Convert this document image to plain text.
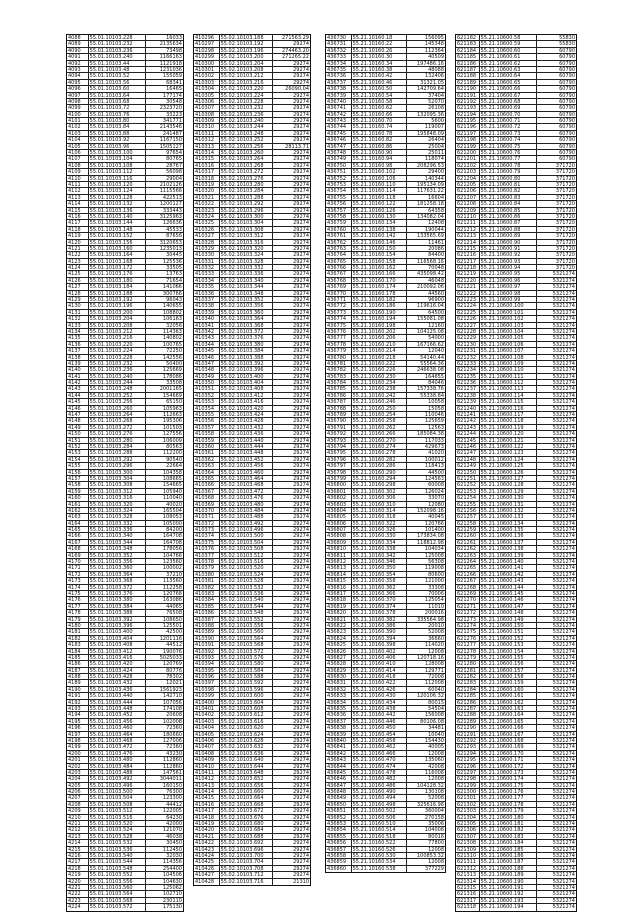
4088	55.01.10103.228	16033
4089	55.01.10103.232	2135634
4090	55.01.10103.236	73498
4091	55.01.10103.240	1166163
4092	55.01.10103.44	1121918
4093	55.01.10103.48	1231036
4094	55.01.10103.52	155059
4095	55.01.10103.56	68341
4096	55.01.10103.60	16465
4097	55.01.10103.64	177174
4098	55.01.10103.68	30548
4099	55.01.10103.72	2323720
4100	55.01.10103.76	33223
4101	55.01.10103.80	341771
4102	55.01.10103.84	2143546
4103	55.01.10103.88	241487
4104	55.01.10103.92	1167150
4105	55.01.10103.96	1505127
4106	55.01.10103.100	97654
4107	55.01.10103.104	80765
4108	55.01.10103.108	28767
4109	55.01.10103.112	56098
4110	55.01.10103.116	29004
4111	55.01.10103.120	2102126
4112	55.01.10103.124	1115566
4113	55.01.10103.128	422513
4114	55.01.10103.132	1200127
4115	55.01.10103.136	333443
4116	55.01.10103.140	3125963
4117	55.01.10103.144	126636
4118	55.01.10103.148	45533
4119	55.01.10103.152	87656
4120	55.01.10103.156	3120653
4121	55.01.10103.160	1235013
4122	55.01.10103.164	30445
4123	55.01.10103.168	125536
4124	55.01.10103.172	33505
4125	55.01.10103.176	13763
4126	55.01.10103.180	71654
4127	55.01.10103.184	141066
4128	55.01.10103.188	300766
4129	55.01.10103.192	96043
4130	55.01.10103.196	140655
4131	55.01.10103.200	108802
4132	55.01.10103.204	106163
4133	55.01.10103.208	32056
4134	55.01.10103.212	114363
4135	55.01.10103.216	140802
4136	55.01.10103.220	100765
4137	55.01.10103.224	72250
4138	55.01.10103.228	142556
4139	55.01.10103.232	50400
4140	55.01.10103.236	125669
4141	55.01.10103.240	178086
4142	55.01.10103.244	33508
4143	55.01.10103.248	2001165
4144	55.01.10103.252	154669
4145	55.01.10103.256	65150
4146	55.01.10103.260	105963
4147	55.01.10103.264	112663
4148	55.01.10103.268	195306
4149	55.01.10103.272	101503
4150	55.01.10103.276	127556
4151	55.01.10103.280	106009
4152	55.01.10103.284	80563
4153	55.01.10103.288	112200
4154	55.01.10103.292	90540
4155	55.01.10103.296	22664
4156	55.01.10103.300	104358
4157	55.01.10103.304	108665
4158	55.01.10103.308	154665
4159	55.01.10103.312	105940
4160	55.01.10103.316	110040
4161	55.01.10103.320	40020
4162	55.01.10103.324	165504
4163	55.01.10103.328	108053
4164	55.01.10103.332	105000
4165	55.01.10103.336	84200
4166	55.01.10103.340	164708
4167	55.01.10103.344	164708
4168	55.01.10103.348	178056
4169	55.01.10103.352	104766
4170	55.01.10103.356	123560
4171	55.01.10103.360	100002
4172	55.01.10103.364	37210
4173	55.01.10103.368	113560
4174	55.01.10103.372	112258
4175	55.01.10103.376	120768
4176	55.01.10103.380	163086
4177	55.01.10103.384	44065
4178	55.01.10103.388	76508
4179	55.01.10103.392	108650
4180	55.01.10103.396	125501
4181	55.01.10103.400	42500
4182	55.01.10103.404	1201116
4183	55.01.10103.408	44512
4184	55.01.10103.412	190076
4185	55.01.10103.416	5025033
4186	55.01.10103.420	120769
4187	55.01.10103.424	80776
4188	55.01.10103.428	78302
4189	55.01.10103.432	12021
4190	55.01.10103.436	1561923
4191	55.01.10103.440	142710
4192	55.01.10103.444	107056
4193	55.01.10103.448	174108
4194	55.01.10103.452	20608
4195	55.01.10103.456	102008
4196	55.01.10103.460	72360
4197	55.01.10103.464	180660
4198	55.01.10103.468	127006
4199	55.01.10103.472	72360
4200	55.01.10103.476	43230
4201	55.01.10103.480	112860
4202	55.01.10103.484	112860
4203	55.01.10103.488	147561
4204	55.01.10103.492	3044011
4205	55.01.10103.496	160150
4206	55.01.10103.500	76300
4207	55.01.10103.504	123300
4208	55.01.10103.508	44412
4209	55.01.10103.512	122005
4210	55.01.10103.516	64230
4211	55.01.10103.520	42000
4212	55.01.10103.524	121070
4213	55.01.10103.528	46038
4214	55.01.10103.532	30450
4215	55.01.10103.536	112450
4216	55.01.10103.540	32030
4217	55.01.10103.544	114356
4218	55.01.10103.548	254400
4219	55.01.10103.552	104506
4220	55.01.10103.556	104630
4221	55.01.10103.560	125062
4222	55.01.10103.564	102710
4223	55.01.10103.568	230110
4224	55.01.10103.572	175130
410296	55.02.10103.188	271563.29
410297	55.02.10103.192	29274
410298	55.02.10103.196	274463.20
410299	55.02.10103.200	271265.22
410300	55.02.10103.204	29274
410301	55.02.10103.208	29274
410302	55.02.10103.212	29274
410303	55.02.10103.216	29274
410304	55.02.10103.220	26090.04
410305	55.02.10103.224	29274
410306	55.02.10103.228	29274
410307	55.02.10103.232	29274
410308	55.02.10103.236	29274
410309	55.02.10103.240	29274
410310	55.02.10103.244	29274
410311	55.02.10103.248	29274
410312	55.02.10103.252	29274
410313	55.02.10103.256	28113.71
410314	55.02.10103.260	29274
410315	55.02.10103.264	29274
410316	55.02.10103.268	29274
410317	55.02.10103.272	29274
410318	55.02.10103.276	29274
410319	55.02.10103.280	29274
410320	55.02.10103.284	29274
410321	55.02.10103.288	29274
410322	55.02.10103.292	29274
410323	55.02.10103.296	29274
410324	55.02.10103.300	29274
410325	55.02.10103.304	29274
410326	55.02.10103.308	29274
410327	55.02.10103.312	29274
410328	55.02.10103.316	29274
410329	55.02.10103.320	29274
410330	55.02.10103.324	29274
410331	55.02.10103.328	29274
410332	55.02.10103.332	29274
410333	55.02.10103.336	29274
410334	55.02.10103.340	29274
410335	55.02.10103.344	29274
410336	55.02.10103.348	29274
410337	55.02.10103.352	29274
410338	55.02.10103.356	29274
410339	55.02.10103.360	29274
410340	55.02.10103.364	29274
410341	55.02.10103.368	29274
410342	55.02.10103.372	29274
410343	55.02.10103.376	29274
410344	55.02.10103.380	29274
410345	55.02.10103.384	29274
410346	55.02.10103.388	29274
410347	55.02.10103.392	29274
410348	55.02.10103.396	29274
410349	55.02.10103.400	29274
410350	55.02.10103.404	29274
410351	55.02.10103.408	29274
410352	55.02.10103.412	29274
410353	55.02.10103.416	29274
410354	55.02.10103.420	29274
410355	55.02.10103.424	29274
410356	55.02.10103.428	29274
410357	55.02.10103.432	29274
410358	55.02.10103.436	29274
410359	55.02.10103.440	29274
410360	55.02.10103.444	29274
410361	55.02.10103.448	29274
410362	55.02.10103.452	29274
410363	55.02.10103.456	29274
410364	55.02.10103.460	29274
410365	55.02.10103.464	29274
410366	55.02.10103.468	29274
410367	55.02.10103.472	29274
410368	55.02.10103.476	29274
410369	55.02.10103.480	29274
410370	55.02.10103.484	29274
410371	55.02.10103.488	29274
410372	55.02.10103.492	29274
410373	55.02.10103.496	29274
410374	55.02.10103.500	29274
410375	55.02.10103.504	29274
410376	55.02.10103.508	29274
410377	55.02.10103.512	29274
410378	55.02.10103.516	29274
410379	55.02.10103.520	29274
410380	55.02.10103.524	29274
410381	55.02.10103.528	29274
410382	55.02.10103.532	29274
410383	55.02.10103.536	29274
410384	55.02.10103.540	29274
410385	55.02.10103.544	29274
410386	55.02.10103.548	29274
410387	55.02.10103.552	29274
410388	55.02.10103.556	29274
410389	55.02.10103.560	29274
410390	55.02.10103.564	29274
410391	55.02.10103.568	29274
410392	55.02.10103.572	29274
410393	55.02.10103.576	29274
410394	55.02.10103.580	29274
410395	55.02.10103.584	29274
410396	55.02.10103.588	29274
410397	55.02.10103.592	29274
410398	55.02.10103.596	29274
410399	55.02.10103.600	29274
410400	55.02.10103.604	29274
410401	55.02.10103.608	29274
410402	55.02.10103.612	29274
410403	55.02.10103.616	29274
410404	55.02.10103.620	29274
410405	55.02.10103.624	29274
410406	55.02.10103.628	29274
410407	55.02.10103.632	29274
410408	55.02.10103.636	29274
410409	55.02.10103.640	29274
410410	55.02.10103.644	29274
410411	55.02.10103.648	29274
410412	55.02.10103.652	29274
410413	55.02.10103.656	29274
410414	55.02.10103.660	29274
410415	55.02.10103.664	29274
410416	55.02.10103.668	29274
410417	55.02.10103.672	29274
410418	55.02.10103.676	29274
410419	55.02.10103.680	29274
410420	55.02.10103.684	29274
410421	55.02.10103.688	29274
410422	55.02.10103.692	29274
410423	55.02.10103.696	29274
410424	55.02.10103.700	29274
410425	55.02.10103.704	29274
410426	55.02.10103.708	29274
410427	55.02.10103.712	29274
410428	55.02.10103.716	21310
436730	55.21.10160.18	156095
436731	55.21.10160.22	145348
436732	55.21.10160.26	112364
436733	55.21.10160.30	40509
436734	55.21.10160.34	197486.16
436735	55.21.10160.38	48088
436736	55.21.10160.42	132406
436737	55.21.10160.46	31321.05
436738	55.21.10160.50	142709.64
436739	55.21.10160.54	37404
436740	55.21.10160.58	52070
436741	55.21.10160.62	26108
436742	55.21.10160.66	132095.36
436743	55.21.10160.70	5600
436744	55.21.10160.74	119007
436745	55.21.10160.78	195848.09
436746	55.21.10160.82	26404
436747	55.21.10160.86	25004
436748	55.21.10160.90	25011
436749	55.21.10160.94	118074
436750	55.21.10160.98	208296.53
436751	55.21.10160.102	29400
436752	55.21.10160.106	140344
436753	55.21.10160.110	195134.09
436754	55.21.10160.114	117631.22
436755	55.21.10160.118	16604
436756	55.21.10160.122	181258.18
436757	55.21.10160.126	64358
436758	55.21.10160.130	134082.04
436759	55.21.10160.134	12408
436760	55.21.10160.138	190044
436761	55.21.10160.142	133565.69
436762	55.21.10160.146	11461
436763	55.21.10160.150	20086
436764	55.21.10160.154	84400
436765	55.21.10160.158	116568.16
436766	55.21.10160.162	70048
436767	55.21.10160.166	435098.42
436768	55.21.10160.170	46048
436769	55.21.10160.174	210092.06
436770	55.21.10160.178	44560
436771	55.21.10160.182	96900
436772	55.21.10160.186	119616.04
436773	55.21.10160.190	64500
436774	55.21.10160.194	155081.08
436775	55.21.10160.198	12160
436776	55.21.10160.202	104125.08
436777	55.21.10160.206	54000
436778	55.21.10160.210	167166.62
436779	55.21.10160.214	12040
436780	55.21.10160.218	54140.44
436781	55.21.10160.222	55564.36
436782	55.21.10160.226	246638.08
436783	55.21.10160.230	164655
436784	55.21.10160.234	84046
436785	55.21.10160.238	157338.76
436786	55.21.10160.242	55338.84
436787	55.21.10160.246	10058
436788	55.21.10160.250	15058
436789	55.21.10160.254	110046
436790	55.21.10160.258	125659
436791	55.21.10160.262	12563
436792	55.21.10160.266	185084.38
436793	55.21.10160.270	117033
436794	55.21.10160.274	429673
436795	55.21.10160.278	41020
436796	55.21.10160.282	100012
436797	55.21.10160.286	118413
436798	55.21.10160.290	44500
436799	55.21.10160.294	124563
436800	55.21.10160.298	60008
436801	55.21.10160.302	126024
436802	55.21.10160.306	33070
436803	55.21.10160.310	12080
436804	55.21.10160.314	152098.16
436805	55.21.10160.318	40045
436806	55.21.10160.322	120766
436807	55.21.10160.326	101400
436808	55.21.10160.330	173834.08
436809	55.21.10160.334	118812.98
436810	55.21.10160.338	104034
436811	55.21.10160.342	125008
436812	55.21.10160.346	56308
436813	55.21.10160.350	119008
436814	55.21.10160.354	80600
436815	55.21.10160.358	121000
436816	55.21.10160.362	33308
436817	55.21.10160.366	70006
436818	55.21.10160.370	125054
436819	55.21.10160.374	11010
436820	55.21.10160.378	200016
436821	55.21.10160.382	335564.98
436822	55.21.10160.386	20010
436823	55.21.10160.390	52008
436824	55.21.10160.394	36660
436825	55.21.10160.398	114020
436826	55.21.10160.402	12008
436827	55.21.10160.406	120718.16
436828	55.21.10160.410	128008
436829	55.21.10160.414	129771
436830	55.21.10160.418	72008
436831	55.21.10160.422	112008
436832	55.21.10160.426	60040
436833	55.21.10160.430	120106.32
436834	55.21.10160.434	80015
436835	55.21.10160.438	54504
436836	55.21.10160.442	156008
436837	55.21.10160.446	80106.08
436838	55.21.10160.450	34481
436839	55.21.10160.454	10040
436840	55.21.10160.458	154430
436841	55.21.10160.462	40005
436842	55.21.10160.466	12008
436843	55.21.10160.470	135060
436844	55.21.10160.474	42008
436845	55.21.10160.478	116008
436846	55.21.10160.482	12008
436847	55.21.10160.486	104128.32
436848	55.21.10160.490	130108
436849	55.21.10160.494	52008
436850	55.21.10160.498	325616.98
436851	55.21.10160.502	360004
436852	55.21.10160.506	270158
436853	55.21.10160.510	35006
436854	55.21.10160.514	104008
436855	55.21.10160.518	80016
436856	55.21.10160.522	77800
436857	55.21.10160.526	12008
436858	55.21.10160.530	100853.32
436859	55.21.10160.534	12008
436860	55.21.10160.538	377229
621182 55.21.10600.58	55830
621183 55.21.10600.59	55830
621184 55.21.10600.60	60790
621185 55.21.10600.61	60790
621186 55.21.10600.62	60790
621187 55.21.10600.63	60790
621188 55.21.10600.64	60790
621189 55.21.10600.65	60790
621190 55.21.10600.66	60790
621191 55.21.10600.67	60790
621192 55.21.10600.68	60790
621193 55.21.10600.69	60790
621194 55.21.10600.70	60790
621195 55.21.10600.71	60790
621196 55.21.10600.72	60790
621197 55.21.10600.73	60790
621198 55.21.10600.74	60790
621199 55.21.10600.75	60790
621200 55.21.10600.76	60790
621201 55.21.10600.77	60790
621202 55.21.10600.78	371720
621203 55.21.10600.79	371720
621204 55.21.10600.80	371720
621205 55.21.10600.81	371720
621206 55.21.10600.82	371720
621207 55.21.10600.83	371720
621208 55.21.10600.84	371720
621209 55.21.10600.85	371720
621210 55.21.10600.86	371720
621211 55.21.10600.87	371720
621212 55.21.10600.88	371720
621213 55.21.10600.89	371720
621214 55.21.10600.90	371720
621215 55.21.10600.91	371720
621216 55.21.10600.92	371720
621217 55.21.10600.93	371720
621218 55.21.10600.94	371720
621219 55.21.10600.95	5321274
621220 55.21.10600.96	5321274
621221 55.21.10600.97	5321274
621222 55.21.10600.98	5321274
621223 55.21.10600.99	5321274
621224 55.21.10600.100	5321274
621225 55.21.10600.101	5321274
621226 55.21.10600.102	5321274
621227 55.21.10600.103	5321274
621228 55.21.10600.104	5321274
621229 55.21.10600.105	5321274
621230 55.21.10600.106	5321274
621231 55.21.10600.107	5321274
621232 55.21.10600.108	5321274
621233 55.21.10600.109	5321274
621234 55.21.10600.110	5321274
621235 55.21.10600.111	5321274
621236 55.21.10600.112	5321274
621237 55.21.10600.113	5321274
621238 55.21.10600.114	5321274
621239 55.21.10600.115	5321274
621240 55.21.10600.116	5321274
621241 55.21.10600.117	5321274
621242 55.21.10600.118	5321274
621243 55.21.10600.119	5321274
621244 55.21.10600.120	5321274
621245 55.21.10600.121	5321274
621246 55.21.10600.122	5321274
621247 55.21.10600.123	5321274
621248 55.21.10600.124	5321274
621249 55.21.10600.125	5321274
621250 55.21.10600.126	5321274
621251 55.21.10600.127	5321274
621252 55.21.10600.128	5321274
621253 55.21.10600.129	5321274
621254 55.21.10600.130	5321274
621255 55.21.10600.131	5321274
621256 55.21.10600.132	5321274
621257 55.21.10600.133	5321274
621258 55.21.10600.134	5321274
621259 55.21.10600.135	5321274
621260 55.21.10600.136	5321274
621261 55.21.10600.137	5321274
621262 55.21.10600.138	5321274
621263 55.21.10600.139	5321274
621264 55.21.10600.140	5321274
621265 55.21.10600.141	5321274
621266 55.21.10600.142	5321274
621267 55.21.10600.143	5321274
621268 55.21.10600.144	5321274
621269 55.21.10600.145	5321274
621270 55.21.10600.146	5321274
621271 55.21.10600.147	5321274
621272 55.21.10600.148	5321274
621273 55.21.10600.149	5321274
621274 55.21.10600.150	5321274
621275 55.21.10600.151	5321274
621276 55.21.10600.152	5321274
621277 55.21.10600.153	5321274
621278 55.21.10600.154	5321274
621279 55.21.10600.155	5321274
621280 55.21.10600.156	5321274
621281 55.21.10600.157	5321274
621282 55.21.10600.158	5321274
621283 55.21.10600.159	5321274
621284 55.21.10600.160	5321274
621285 55.21.10600.161	5321274
621286 55.21.10600.162	5321274
621287 55.21.10600.163	5321274
621288 55.21.10600.164	5321274
621289 55.21.10600.165	5321274
621290 55.21.10600.166	5321274
621291 55.21.10600.167	5321274
621292 55.21.10600.168	5321274
621293 55.21.10600.169	5321274
621294 55.21.10600.170	5321274
621295 55.21.10600.171	5321274
621296 55.21.10600.172	5321274
621297 55.21.10600.173	5321274
621298 55.21.10600.174	5321274
621299 55.21.10600.175	5321274
621300 55.21.10600.176	5321274
621301 55.21.10600.177	5321274
621302 55.21.10600.178	5321274
621303 55.21.10600.179	5321274
621304 55.21.10600.180	5321274
621305 55.21.10600.181	5321274
621306 55.21.10600.182	5321274
621307 55.21.10600.183	5321274
621308 55.21.10600.184	5321274
621309 55.21.10600.185	5321274
621310 55.21.10600.186	5321274
621311 55.21.10600.187	5321274
621312 55.21.10600.188	5321274
621313 55.21.10600.189	5321274
621314 55.21.10600.190	5321274
621315 55.21.10600.191	5321274
621316 55.21.10600.192	5321274
621317 55.21.10600.193	5321274
621318 55.21.10600.194	5321274
